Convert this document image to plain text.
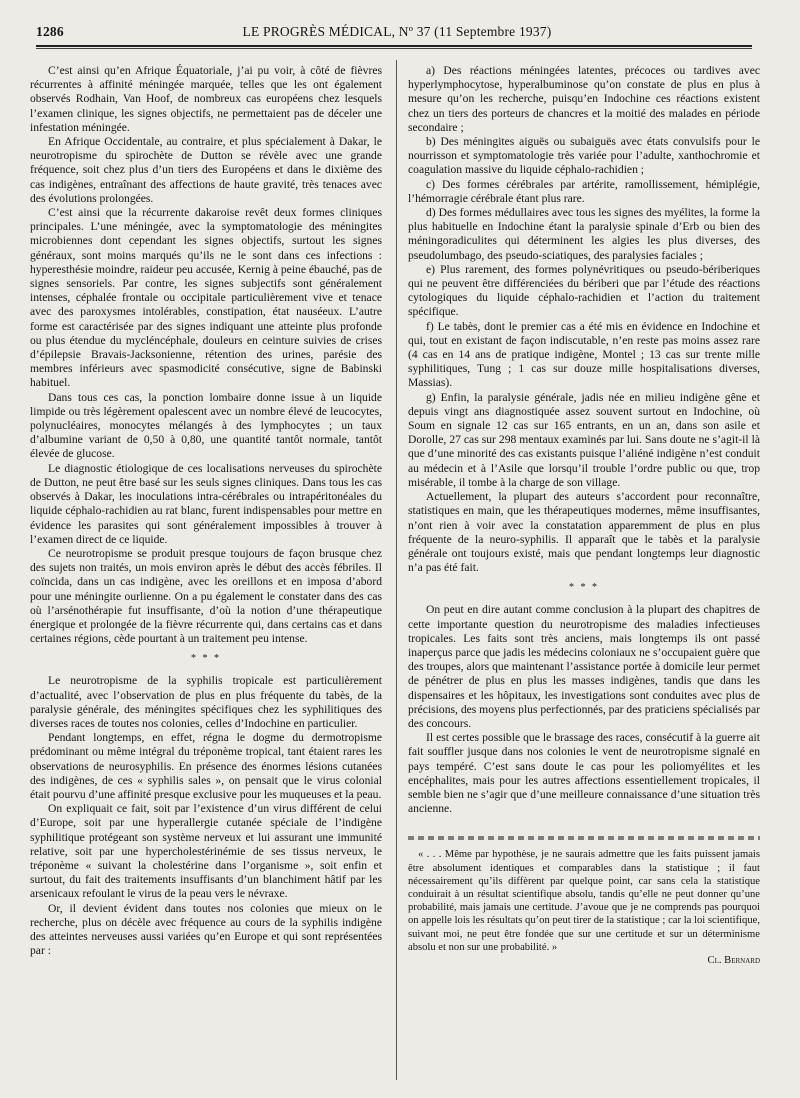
1286	LE PROGRÈS MÉDICAL, Nº 37 (11 Septembre 1937)

C’est ainsi qu’en Afrique Équatoriale, j’ai pu voir, à côté de fièvres récurrentes à affinité méningée marquée, telles que les ont également observés Rodhain, Van Hoof, de nombreux cas européens chez lesquels l’examen clinique, les signes objectifs, ne permettaient pas de déceler une infestation méningée.

En Afrique Occidentale, au contraire, et plus spécialement à Dakar, le neurotropisme du spirochète de Dutton se révèle avec une grande fréquence, soit chez plus d’un tiers des Européens et dans le dixième des cas indigènes, entraînant des affections de haute gravité, très tenaces avec des évolutions prolongées.

C’est ainsi que la récurrente dakaroise revêt deux formes cliniques principales. L’une méningée, avec la symptomatologie des méningites microbiennes dont cependant les signes objectifs, surtout les signes généraux, sont moins marqués qu’ils ne le sont dans ces infections : hyperesthésie moindre, raideur peu accusée, Kernig à peine ébauché, pas de signes sensoriels. Par contre, les signes subjectifs sont généralement intenses, céphalée frontale ou occipitale particulièrement vive et tenace avec des paroxysmes intolérables, constipation, état nauséeux. L’autre forme est caractérisée par des signes indiquant une atteinte plus profonde ou plus étendue du mycléncéphale, douleurs en ceinture suivies de crises d’épilepsie Bravais-Jacksonienne, rétention des urines, parésie des membres inférieurs avec spasmodicité consécutive, signe de Babinski habituel.

Dans tous ces cas, la ponction lombaire donne issue à un liquide limpide ou très légèrement opalescent avec un nombre élevé de leucocytes, polynucléaires, monocytes mélangés à des lymphocytes ; un taux d’albumine variant de 0,50 à 0,80, une quantité tantôt normale, tantôt élevée de glucose.

Le diagnostic étiologique de ces localisations nerveuses du spirochète de Dutton, ne peut être basé sur les seuls signes cliniques. Dans tous les cas observés à Dakar, les inoculations intra-cérébrales ou intrapéritonéales du liquide céphalo-rachidien au rat blanc, furent indispensables pour mettre en évidence les parasites qui sont généralement impossibles à trouver à l’examen direct de ce liquide.

Ce neurotropisme se produit presque toujours de façon brusque chez des sujets non traités, un mois environ après le début des accès fébriles. Il coïncida, dans un cas indigène, avec les oreillons et en imposa d’abord pour une méningite ourlienne. On a pu également le constater dans des cas où l’arsénothérapie fut insuffisante, d’où la notion d’une thérapeutique énergique et prolongée de la fièvre récurrente qui, dans certains cas et dans certaines régions, cède pourtant à un traitement peu intense.

* * *

Le neurotropisme de la syphilis tropicale est particulièrement d’actualité, avec l’observation de plus en plus fréquente du tabès, de la paralysie générale, des méningites spécifiques chez les syphilitiques des diverses races de toutes nos colonies, celles d’Indochine en particulier.

Pendant longtemps, en effet, régna le dogme du dermotropisme prédominant ou même intégral du tréponème tropical, tant étaient rares les observations de neurosyphilis. En présence des énormes lésions cutanées des indigènes, de ces « syphilis sales », on pensait que le virus colonial était pourvu d’une affinité presque exclusive pour les muqueuses et la peau.

On expliquait ce fait, soit par l’existence d’un virus différent de celui d’Europe, soit par une hyperallergie cutanée spéciale de l’indigène syphilitique protégeant son système nerveux et lui assurant une immunité relative, soit par une hypercholestérinémie de ses tissus nerveux, le tréponème « suivant la cholestérine dans l’organisme », soit enfin et surtout, du fait des traitements insuffisants d’un blanchiment hâtif par les arsenicaux refoulant le virus de la peau vers le névraxe.

Or, il devient évident dans toutes nos colonies que mieux on le recherche, plus on décèle avec fréquence au cours de la syphilis indigène des atteintes nerveuses aussi variées qu’en Europe et qui sont représentées par :

a) Des réactions méningées latentes, précoces ou tardives avec hyperlymphocytose, hyperalbuminose qu’on constate de plus en plus à mesure qu’on les recherche, puisqu’en Indochine ces réactions existent chez un tiers des porteurs de chancres et la moitié des malades en période secondaire ;

b) Des méningites aiguës ou subaiguës avec états convulsifs pour le nourrisson et symptomatologie très variée pour l’adulte, xanthochromie et coagulation massive du liquide céphalo-rachidien ;

c) Des formes cérébrales par artérite, ramollissement, hémiplégie, l’hémorragie cérébrale étant plus rare.

d) Des formes médullaires avec tous les signes des myélites, la forme la plus habituelle en Indochine étant la paralysie spinale d’Erb ou bien des méningoradiculites qui déterminent les algies les plus diverses, des pseudolumbago, des pseudo-sciatiques, des paralysies faciales ;

e) Plus rarement, des formes polynévritiques ou pseudo-bériberiques qui ne peuvent être différenciées du bériberi que par l’étude des réactions cytologiques du liquide céphalo-rachidien et l’action du traitement spécifique.

f) Le tabès, dont le premier cas a été mis en évidence en Indochine et qui, tout en existant de façon indiscutable, n’en reste pas moins assez rare (4 cas en 14 ans de pratique indigène, Montel ; 13 cas sur trente mille syphilitiques, Tung ; 1 cas sur douze mille hospitalisations diverses, Massias).

g) Enfin, la paralysie générale, jadis née en milieu indigène gêne et depuis vingt ans diagnostiquée assez souvent surtout en Indochine, où Soum en signale 12 cas sur 165 entrants, en un an, dans son asile et Dorolle, 27 cas sur 298 mentaux examinés par lui. Sans doute ne s’agit-il là que d’une minorité des cas existants puisque l’aliéné indigène n’est conduit au médecin et à l’Asile que lorsqu’il trouble l’ordre public ou que, trop misérable, il tombe à la charge de son village.

Actuellement, la plupart des auteurs s’accordent pour reconnaître, statistiques en main, que les thérapeutiques modernes, même insuffisantes, n’ont rien à voir avec la constatation apparemment de plus en plus fréquente de la neuro-syphilis. Il apparaît que le tabès et la paralysie générale ont toujours existé, mais que pendant longtemps leur diagnostic n’a pas été fait.

* * *

On peut en dire autant comme conclusion à la plupart des chapitres de cette importante question du neurotropisme des maladies infectieuses tropicales. Les faits sont très anciens, mais longtemps ils ont passé inaperçus parce que jadis les médecins coloniaux ne s’occupaient guère que des troupes, alors que maintenant l’assistance portée à domicile leur permet de pénétrer de plus en plus les masses indigènes, tandis que dans les dispensaires et les hôpitaux, les investigations sont conduites avec plus de précisions, des moyens plus perfectionnés, par des praticiens spécialisés par des concours.

Il est certes possible que le brassage des races, consécutif à la guerre ait fait souffler jusque dans nos colonies le vent de neurotropisme signalé en pays tempéré. C’est sans doute le cas pour les poliomyélites et les encéphalites, mais pour les autres affections essentiellement tropicales, il semble bien ne s’agir que d’une meilleure connaissance d’une situation très ancienne.

« . . . Même par hypothèse, je ne saurais admettre que les faits puissent jamais être absolument identiques et comparables dans la statistique ; il faut nécessairement qu’ils diffèrent par quelque point, car sans cela la statistique conduirait à un résultat scientifique absolu, tandis qu’elle ne peut donner qu’une probabilité, mais jamais une certitude. J’avoue que je ne comprends pas pourquoi on appelle lois les résultats qu’on peut tirer de la statistique ; car la loi scientifique, suivant moi, ne peut être fondée que sur une certitude et sur un déterminisme absolu et non sur une probabilité. »

Cl. Bernard
